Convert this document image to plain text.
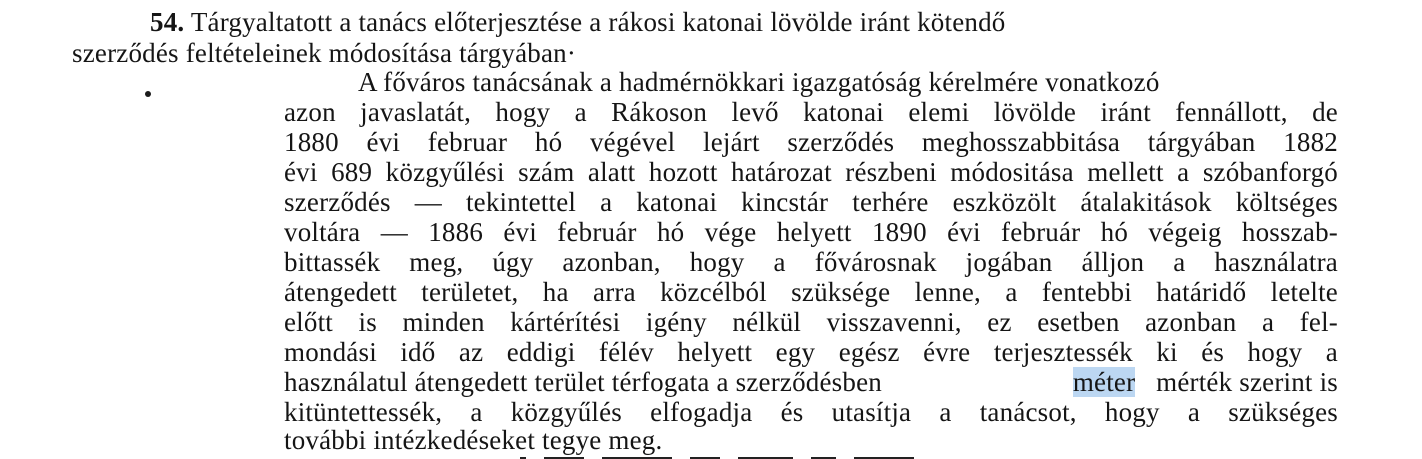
54. Tárgyaltatott a tanács előterjesztése a rákosi katonai lövölde iránt kötendő
szerződés feltételeinek módosítása tárgyában·
A főváros tanácsának a hadmérnökkari igazgatóság kérelmére vonatkozó
azon javaslatát, hogy a Rákoson levő katonai elemi lövölde iránt fennállott, de
1880 évi februar hó végével lejárt szerződés meghosszabbitása tárgyában 1882
évi 689 közgyűlési szám alatt hozott határozat részbeni módositása mellett a szóbanforgó
szerződés — tekintettel a katonai kincstár terhére eszközölt átalakitások költséges
voltára — 1886 évi február hó vége helyett 1890 évi február hó végeig hosszab-
bittassék meg, úgy azonban, hogy a fővárosnak jogában álljon a használatra
átengedett területet, ha arra közcélból szüksége lenne, a fentebbi határidő letelte
előtt is minden kártérítési igény nélkül visszavenni, ez esetben azonban a fel-
mondási idő az eddigi félév helyett egy egész évre terjesztessék ki és hogy a
használatul átengedett terület térfogata a szerződésben	méter mérték szerint is
kitüntettessék, a közgyűlés elfogadja és utasítja a tanácsot, hogy a szükséges
további intézkedéseket tegye meg.
